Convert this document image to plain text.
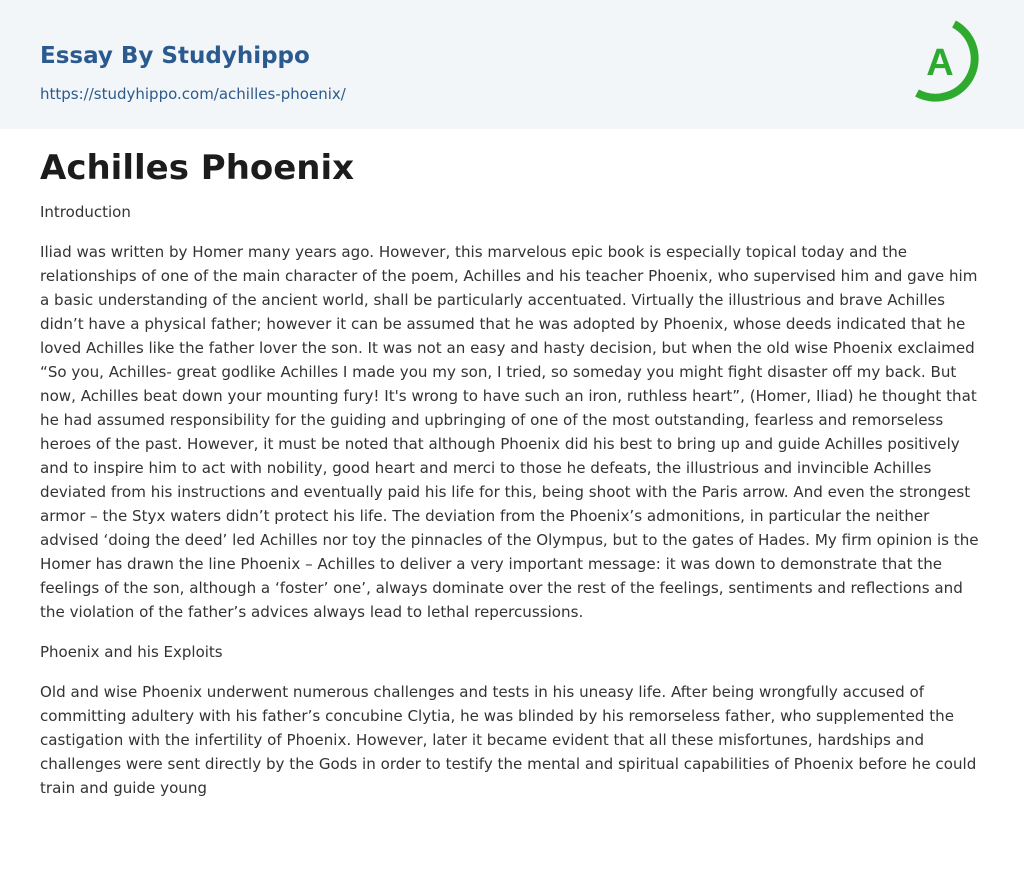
Essay By Studyhippo
https://studyhippo.com/achilles-phoenix/
A
Achilles Phoenix

Introduction

Iliad was written by Homer many years ago. However, this marvelous epic book is especially topical today and the relationships of one of the main character of the poem, Achilles and his teacher Phoenix, who supervised him and gave him a basic understanding of the ancient world, shall be particularly accentuated. Virtually the illustrious and brave Achilles didn’t have a physical father; however it can be assumed that he was adopted by Phoenix, whose deeds indicated that he loved Achilles like the father lover the son. It was not an easy and hasty decision, but when the old wise Phoenix exclaimed “So you, Achilles- great godlike Achilles I made you my son, I tried, so someday you might fight disaster off my back. But now, Achilles beat down your mounting fury! It's wrong to have such an iron, ruthless heart”, (Homer, Iliad) he thought that he had assumed responsibility for the guiding and upbringing of one of the most outstanding, fearless and remorseless heroes of the past. However, it must be noted that although Phoenix did his best to bring up and guide Achilles positively and to inspire him to act with nobility, good heart and merci to those he defeats, the illustrious and invincible Achilles deviated from his instructions and eventually paid his life for this, being shoot with the Paris arrow. And even the strongest armor – the Styx waters didn’t protect his life. The deviation from the Phoenix’s admonitions, in particular the neither advised ‘doing the deed’ led Achilles nor toy the pinnacles of the Olympus, but to the gates of Hades. My firm opinion is the Homer has drawn the line Phoenix – Achilles to deliver a very important message: it was down to demonstrate that the feelings of the son, although a ‘foster’ one’, always dominate over the rest of the feelings, sentiments and reflections and the violation of the father’s advices always lead to lethal repercussions.

Phoenix and his Exploits

Old and wise Phoenix underwent numerous challenges and tests in his uneasy life. After being wrongfully accused of committing adultery with his father’s concubine Clytia, he was blinded by his remorseless father, who supplemented the castigation with the infertility of Phoenix. However, later it became evident that all these misfortunes, hardships and challenges were sent directly by the Gods in order to testify the mental and spiritual capabilities of Phoenix before he could train and guide young
